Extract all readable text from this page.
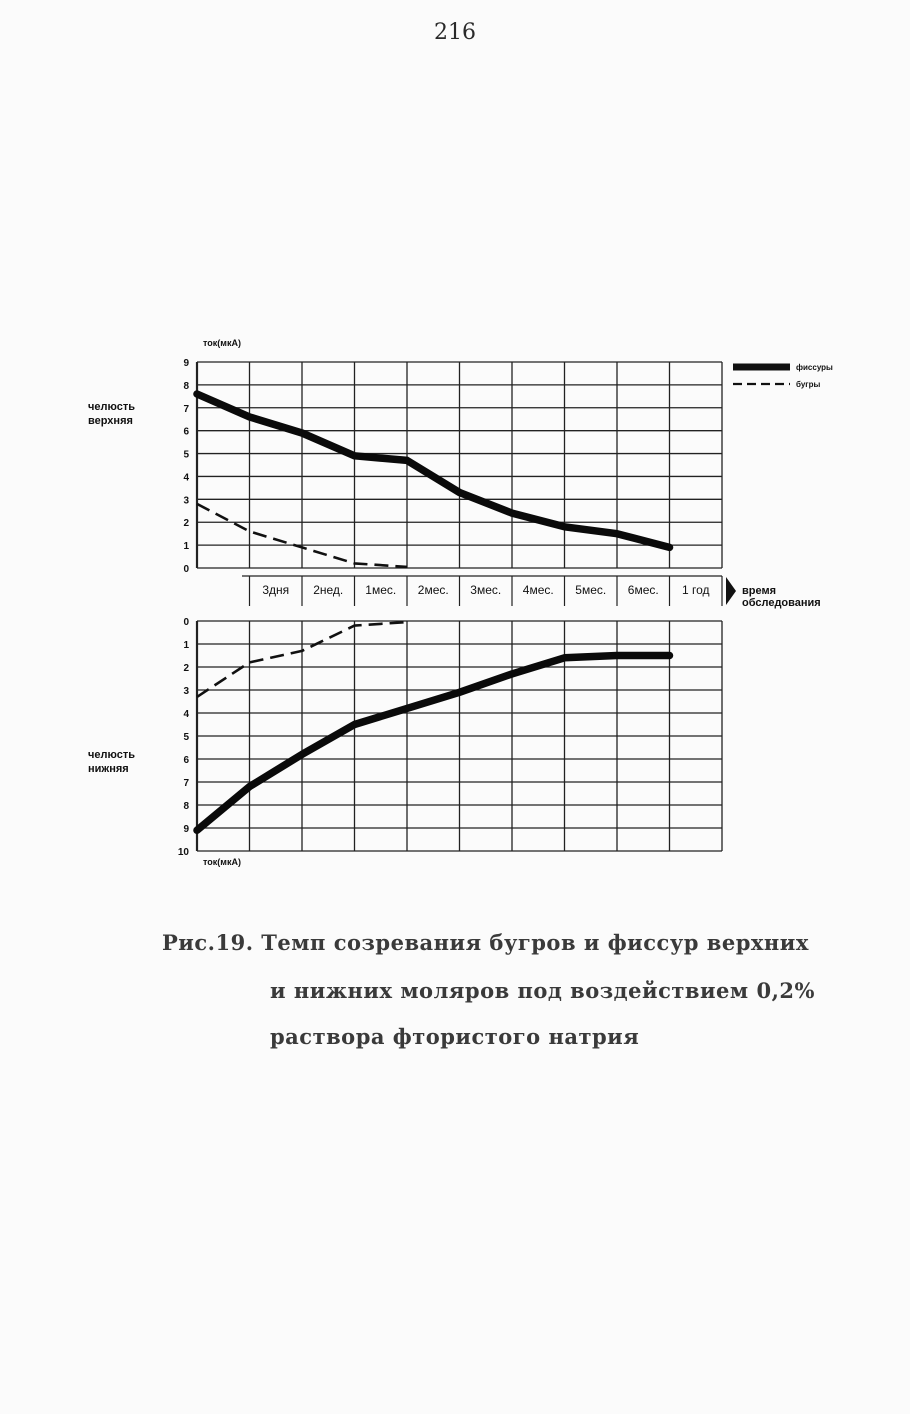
216
0
1
2
3
4
5
6
7
8
9
ток(мкА)
челюсть верхняя
0
1
2
3
4
5
6
7
8
9
10
ток(мкА)
челюсть нижняя
3дня 2нед. 1мес. 2мес. 3мес. 4мес. 5мес. 6мес. 1 год	время обследования
фиссуры
бугры
Рис.19. Темп созревания бугров и фиссур верхних
и нижних моляров под воздействием 0,2%
раствора фтористого натрия
